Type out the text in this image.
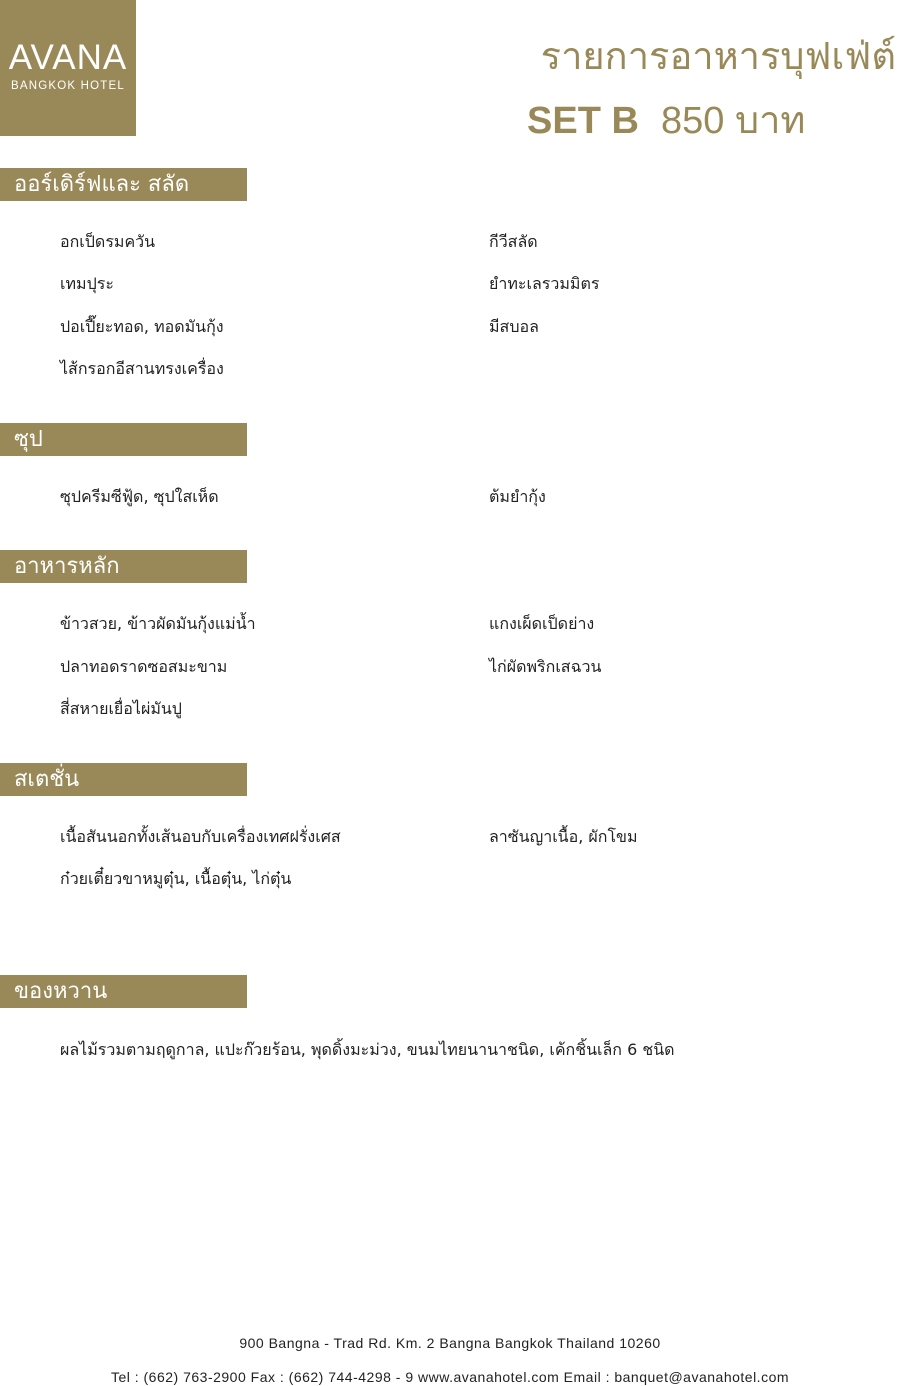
AVANA
BANGKOK HOTEL
รายการอาหารบุฟเฟ่ต์
SET B 850 บาท
ออร์เดิร์ฟและ สลัด
อกเป็ดรมควัน
เทมปุระ
ปอเปี๊ยะทอด, ทอดมันกุ้ง
ไส้กรอกอีสานทรงเครื่อง
กีวีสลัด
ยำทะเลรวมมิตร
มีสบอล
ซุป
ซุปครีมซีฟู้ด, ซุปใสเห็ด	ต้มยำกุ้ง
อาหารหลัก
ข้าวสวย, ข้าวผัดมันกุ้งแม่น้ำ
ปลาทอดราดซอสมะขาม
สี่สหายเยื่อไผ่มันปู
แกงเผ็ดเป็ดย่าง
ไก่ผัดพริกเสฉวน
สเตชั่น
เนื้อสันนอกทั้งเส้นอบกับเครื่องเทศฝรั่งเศส
ก๋วยเตี๋ยวขาหมูตุ๋น, เนื้อตุ๋น, ไก่ตุ๋น
ลาซันญาเนื้อ, ผักโขม
ของหวาน
ผลไม้รวมตามฤดูกาล, แปะก๊วยร้อน, พุดดิ้งมะม่วง, ขนมไทยนานาชนิด, เค้กชิ้นเล็ก 6 ชนิด
900 Bangna - Trad Rd. Km. 2 Bangna Bangkok Thailand 10260
Tel : (662) 763-2900 Fax : (662) 744-4298 - 9 www.avanahotel.com Email : banquet@avanahotel.com
